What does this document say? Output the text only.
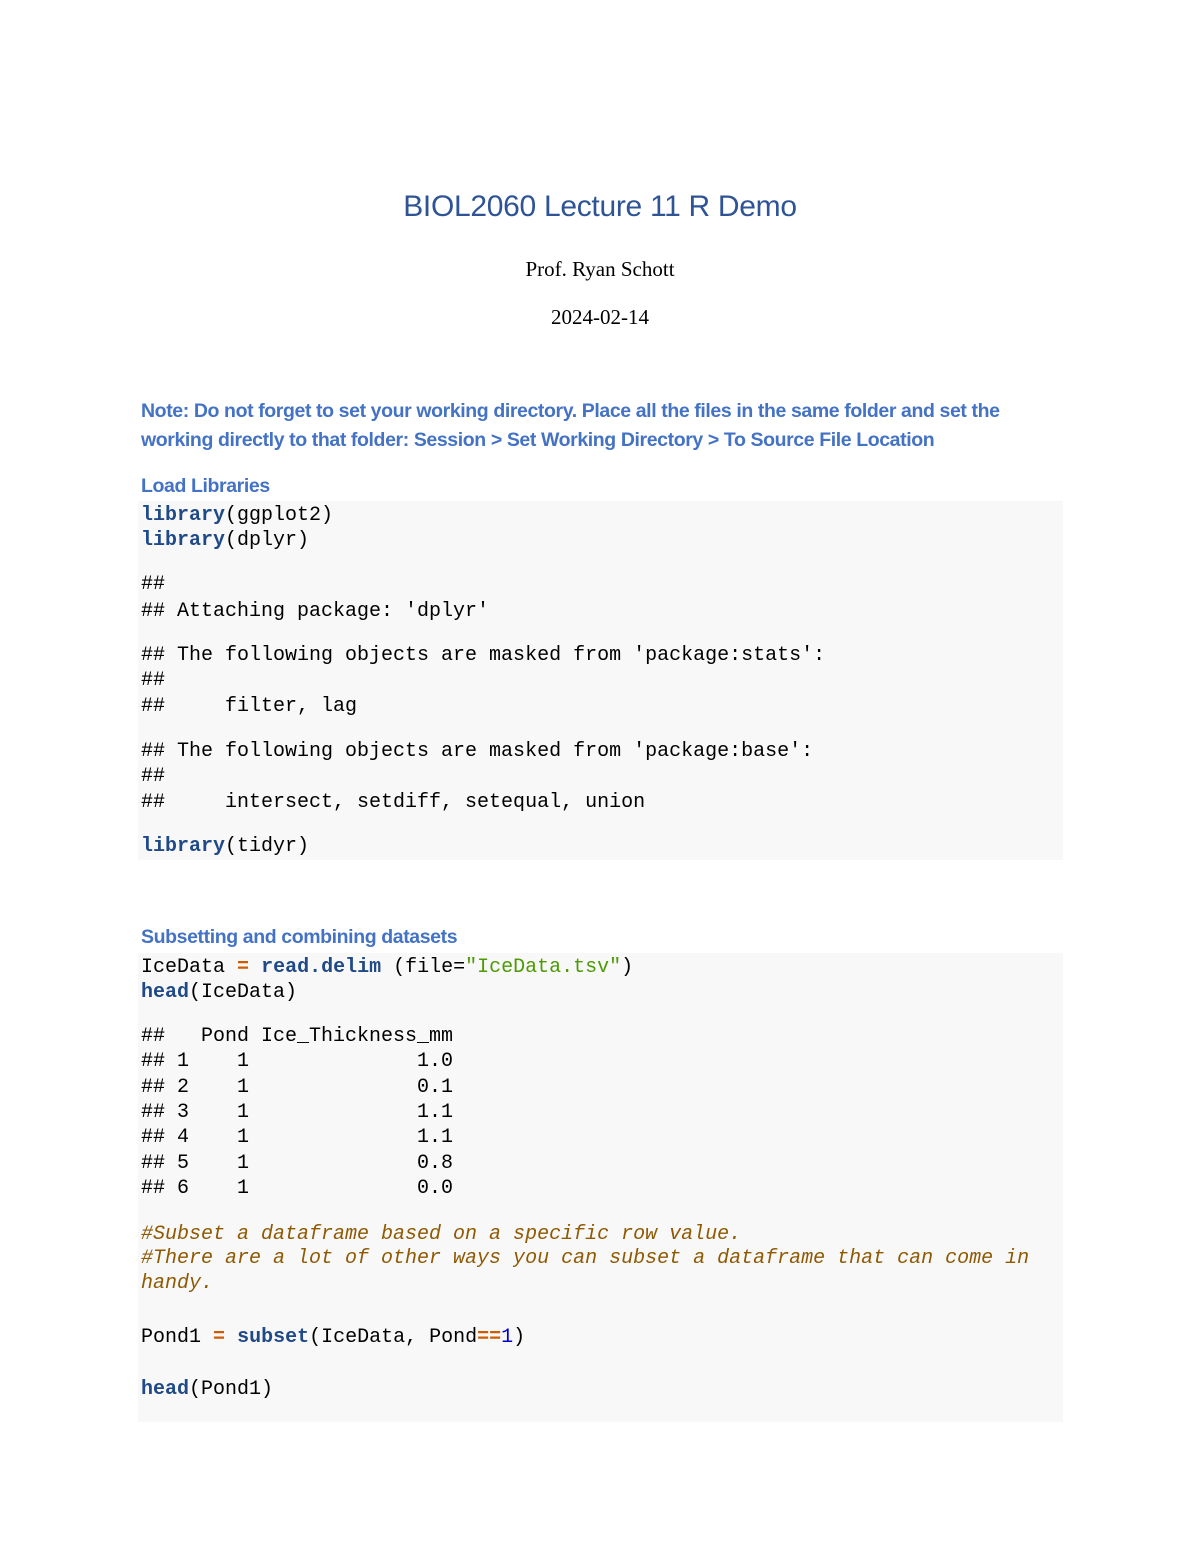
BIOL2060 Lecture 11 R Demo

Prof. Ryan Schott

2024-02-14

Note: Do not forget to set your working directory. Place all the files in the same folder and set the working directly to that folder: Session > Set Working Directory > To Source File Location

Load Libraries
library(ggplot2)
library(dplyr)
##
## Attaching package: 'dplyr'
## The following objects are masked from 'package:stats':
##
##     filter, lag
## The following objects are masked from 'package:base':
##
##     intersect, setdiff, setequal, union
library(tidyr)
Subsetting and combining datasets
IceData = read.delim (file="IceData.tsv")
head(IceData)
##   Pond Ice_Thickness_mm
## 1    1              1.0
## 2    1              0.1
## 3    1              1.1
## 4    1              1.1
## 5    1              0.8
## 6    1              0.0
#Subset a dataframe based on a specific row value.
#There are a lot of other ways you can subset a dataframe that can come in
handy.
Pond1 = subset(IceData, Pond==1)
head(Pond1)
